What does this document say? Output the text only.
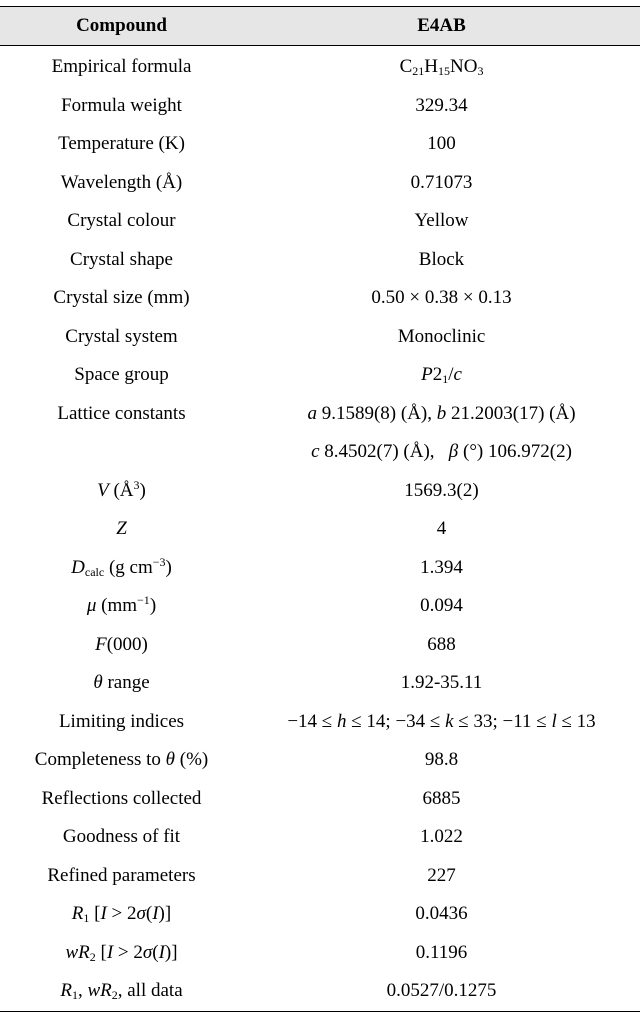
Compound	E4AB
Empirical formula	$C_{21}H_{15}NO_3$
Formula weight	329.34
Temperature (K)	100
Wavelength (Å)	0.71073
Crystal colour	Yellow
Crystal shape	Block
Crystal size (mm)	0.50 × 0.38 × 0.13
Crystal system	Monoclinic
Space group	$P2_1/c$
Lattice constants	a 9.1589(8) (Å), b 21.2003(17) (Å)
c 8.4502(7) (Å),   β (°) 106.972(2)
V $(Å^3)$	1569.3(2)
Z	4
$D_{calc}$ (g $cm^{-3}$)	1.394
μ $(mm^{-1})$	0.094
F(000)	688
θ range	1.92-35.11
Limiting indices	−14 ≤ h ≤ 14; −34 ≤ k ≤ 33; −11 ≤ l ≤ 13
Completeness to θ (%)	98.8
Reflections collected	6885
Goodness of fit	1.022
Refined parameters	227
$R_1$ [I > 2σ(I)]	0.0436
$wR_2$ [I > 2σ(I)]	0.1196
$R_1$, $wR_2$, all data	0.0527/0.1275
